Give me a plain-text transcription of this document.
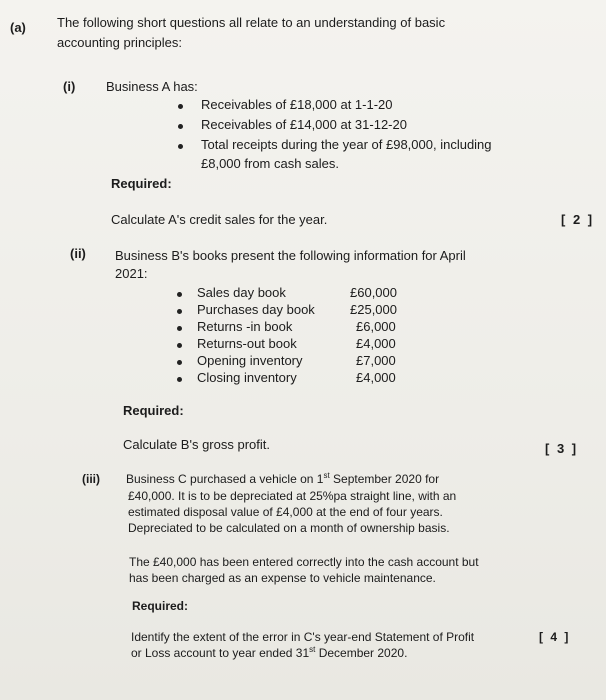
(a) The following short questions all relate to an understanding of basic
accounting principles:
(i) Business A has:
Receivables of £18,000 at 1-1-20
Receivables of £14,000 at 31-12-20
Total receipts during the year of £98,000, including
£8,000 from cash sales.
Required:
Calculate A's credit sales for the year.	[ 2 ]
(ii) Business B's books present the following information for April
2021:
Sales day book	£60,000
Purchases day book	£25,000
Returns -in book	£6,000
Returns-out book	£4,000
Opening inventory	£7,000
Closing inventory	£4,000
Required:
Calculate B's gross profit.	[ 3 ]
(iii) Business C purchased a vehicle on 1st September 2020 for
£40,000. It is to be depreciated at 25%pa straight line, with an
estimated disposal value of £4,000 at the end of four years.
Depreciated to be calculated on a month of ownership basis.
The £40,000 has been entered correctly into the cash account but
has been charged as an expense to vehicle maintenance.
Required:
Identify the extent of the error in C's year-end Statement of Profit	[ 4 ]
or Loss account to year ended 31st December 2020.
